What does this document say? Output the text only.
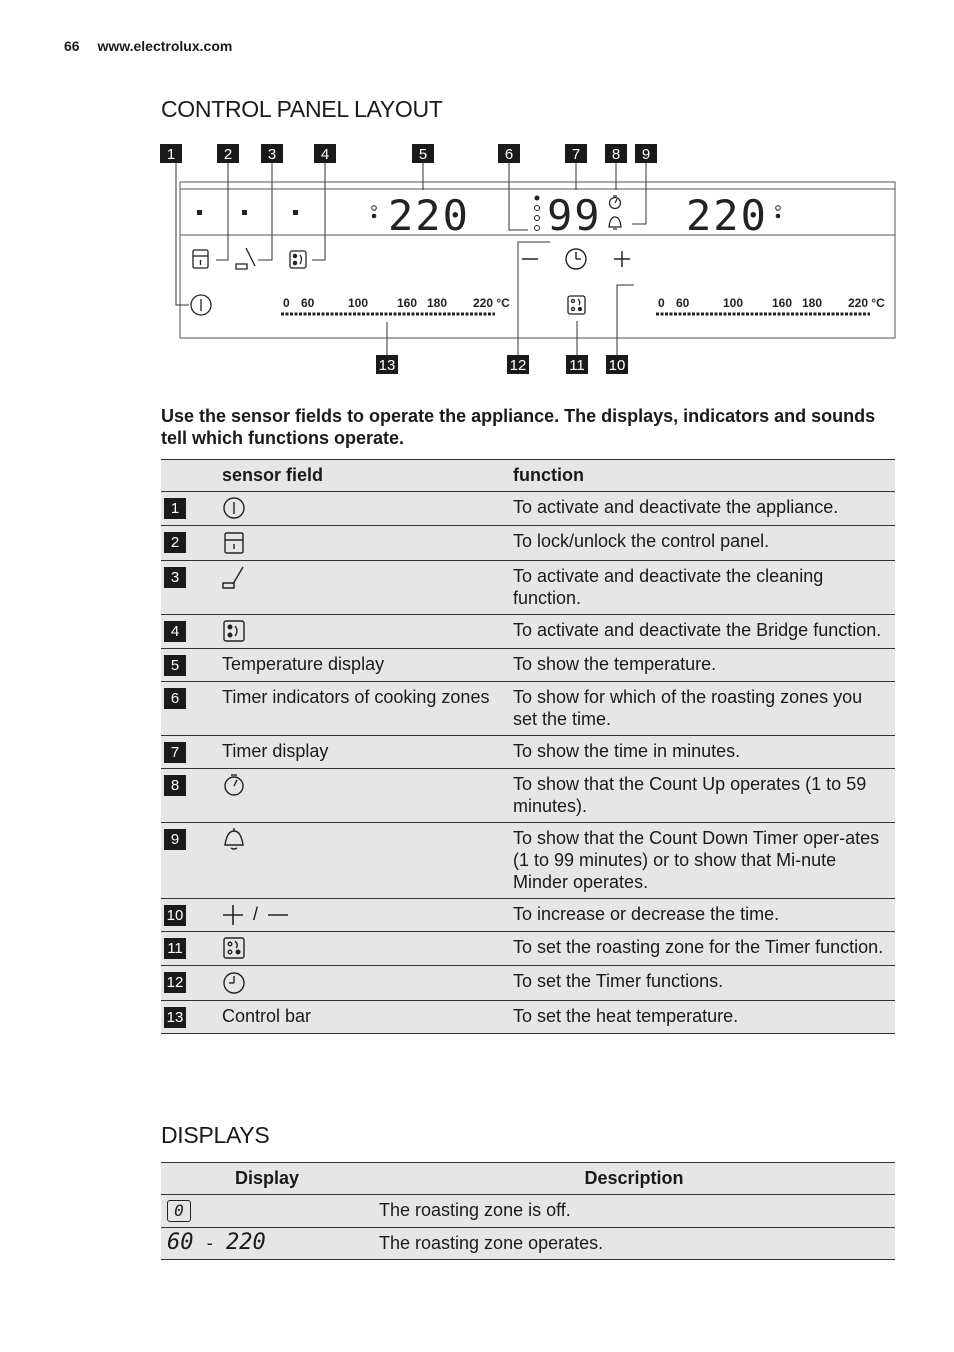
66 www.electrolux.com
CONTROL PANEL LAYOUT
1	2 3	4	5	6	7 8 9
13	12	11 10
220 99 220
0 60	100 160 180 220 °C	0 60	100 160 180 220 °C
Use the sensor fields to operate the appliance. The displays, indicators and sounds tell which functions operate.
	sensor field	function
1		To activate and deactivate the appliance.
2		To lock/unlock the control panel.
3		To activate and deactivate the cleaning function.
4		To activate and deactivate the Bridge function.
5	Temperature display	To show the temperature.
6	Timer indicators of cooking zones	To show for which of the roasting zones you set the time.
7	Timer display	To show the time in minutes.
8		To show that the Count Up operates (1 to 59 minutes).
9		To show that the Count Down Timer oper-ates (1 to 99 minutes) or to show that Mi-nute Minder operates.
10	/	To increase or decrease the time.
11		To set the roasting zone for the Timer function.
12		To set the Timer functions.
13	Control bar	To set the heat temperature.
DISPLAYS
Display	Description
0	The roasting zone is off.
60 - 220	The roasting zone operates.
